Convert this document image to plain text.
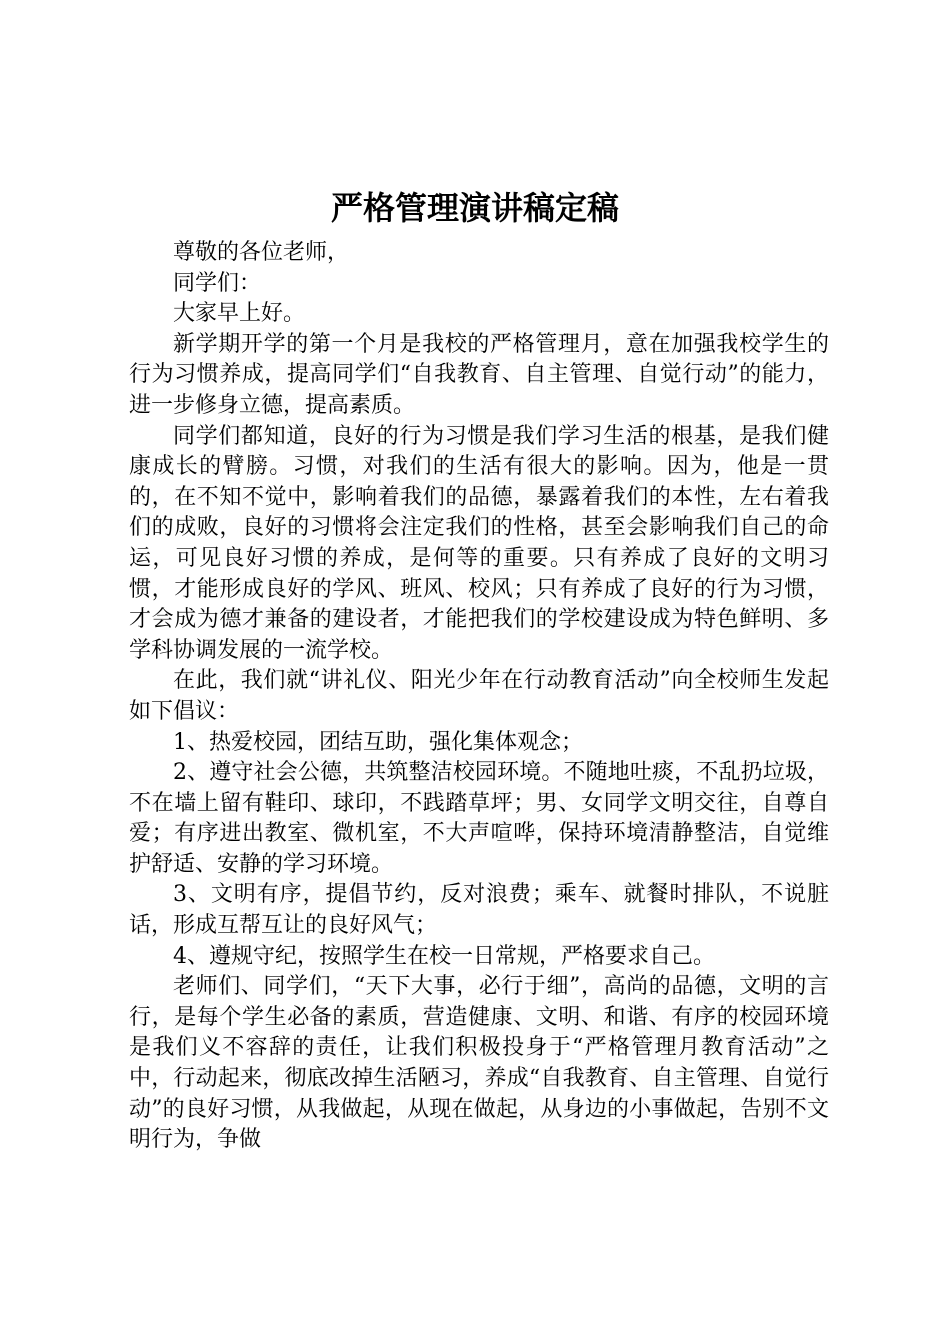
严格管理演讲稿定稿

尊敬的各位老师，

同学们：

大家早上好。

新学期开学的第一个月是我校的严格管理月，意在加强我校学生的行为习惯养成，提高同学们“自我教育、自主管理、自觉行动”的能力，进一步修身立德，提高素质。

同学们都知道，良好的行为习惯是我们学习生活的根基，是我们健康成长的臂膀。习惯，对我们的生活有很大的影响。因为，他是一贯的，在不知不觉中，影响着我们的品德，暴露着我们的本性，左右着我们的成败，良好的习惯将会注定我们的性格，甚至会影响我们自己的命运，可见良好习惯的养成，是何等的重要。只有养成了良好的文明习惯，才能形成良好的学风、班风、校风；只有养成了良好的行为习惯，才会成为德才兼备的建设者，才能把我们的学校建设成为特色鲜明、多学科协调发展的一流学校。

在此，我们就“讲礼仪、阳光少年在行动教育活动”向全校师生发起如下倡议：

1、热爱校园，团结互助，强化集体观念；

2、遵守社会公德，共筑整洁校园环境。不随地吐痰，不乱扔垃圾，不在墙上留有鞋印、球印，不践踏草坪；男、女同学文明交往，自尊自爱；有序进出教室、微机室，不大声喧哗，保持环境清静整洁，自觉维护舒适、安静的学习环境。

3、文明有序，提倡节约，反对浪费；乘车、就餐时排队，不说脏话，形成互帮互让的良好风气；

4、遵规守纪，按照学生在校一日常规，严格要求自己。

老师们、同学们，“天下大事，必行于细”，高尚的品德，文明的言行，是每个学生必备的素质，营造健康、文明、和谐、有序的校园环境是我们义不容辞的责任，让我们积极投身于“严格管理月教育活动”之中，行动起来，彻底改掉生活陋习，养成“自我教育、自主管理、自觉行动”的良好习惯，从我做起，从现在做起，从身边的小事做起，告别不文明行为，争做
